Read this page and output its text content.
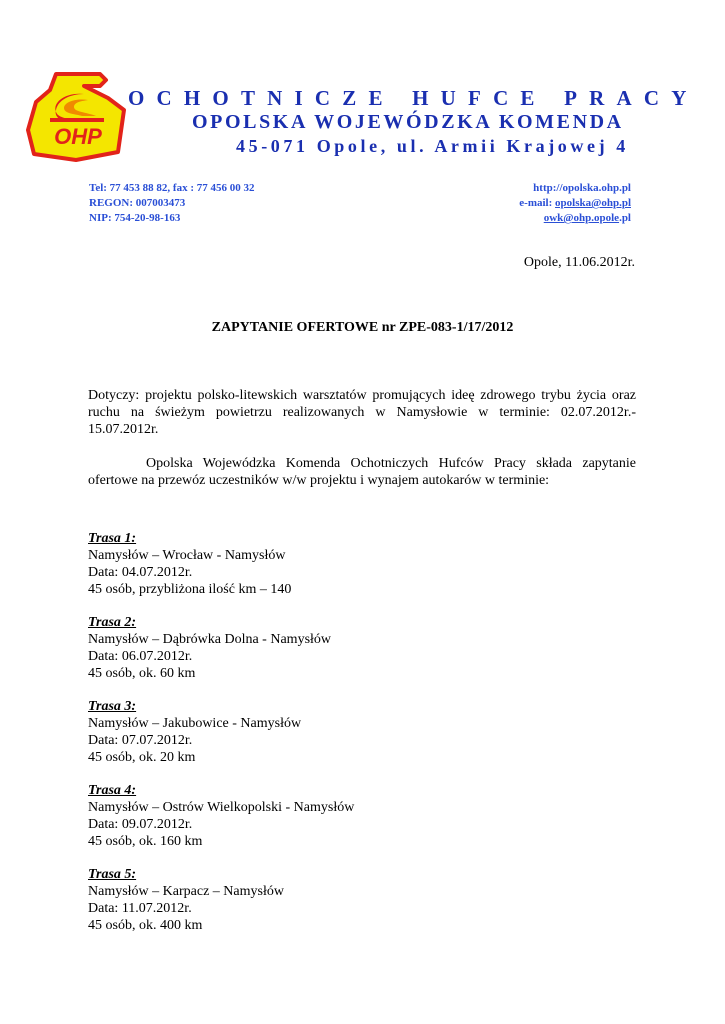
OHP
OCHOTNICZE HUFCE PRACY
OPOLSKA WOJEWÓDZKA KOMENDA
45-071 Opole, ul. Armii Krajowej 4
Tel: 77 453 88 82, fax : 77 456 00 32
REGON: 007003473
NIP: 754-20-98-163
http://opolska.ohp.pl
e-mail: opolska@ohp.pl
owk@ohp.opole.pl
Opole, 11.06.2012r.
ZAPYTANIE OFERTOWE nr ZPE-083-1/17/2012
Dotyczy: projektu polsko-litewskich warsztatów promujących ideę zdrowego trybu życia oraz ruchu na świeżym powietrzu realizowanych w Namysłowie w terminie: 02.07.2012r.- 15.07.2012r.
Opolska Wojewódzka Komenda Ochotniczych Hufców Pracy składa zapytanie ofertowe na przewóz uczestników w/w projektu i wynajem autokarów w terminie:
Trasa 1:
Namysłów – Wrocław - Namysłów
Data: 04.07.2012r.
45 osób, przybliżona ilość km – 140
Trasa 2:
Namysłów – Dąbrówka Dolna - Namysłów
Data: 06.07.2012r.
45 osób, ok. 60 km
Trasa 3:
Namysłów – Jakubowice - Namysłów
Data: 07.07.2012r.
45 osób, ok. 20 km
Trasa 4:
Namysłów – Ostrów Wielkopolski - Namysłów
Data: 09.07.2012r.
45 osób, ok. 160 km
Trasa 5:
Namysłów – Karpacz – Namysłów
Data: 11.07.2012r.
45 osób, ok. 400 km
